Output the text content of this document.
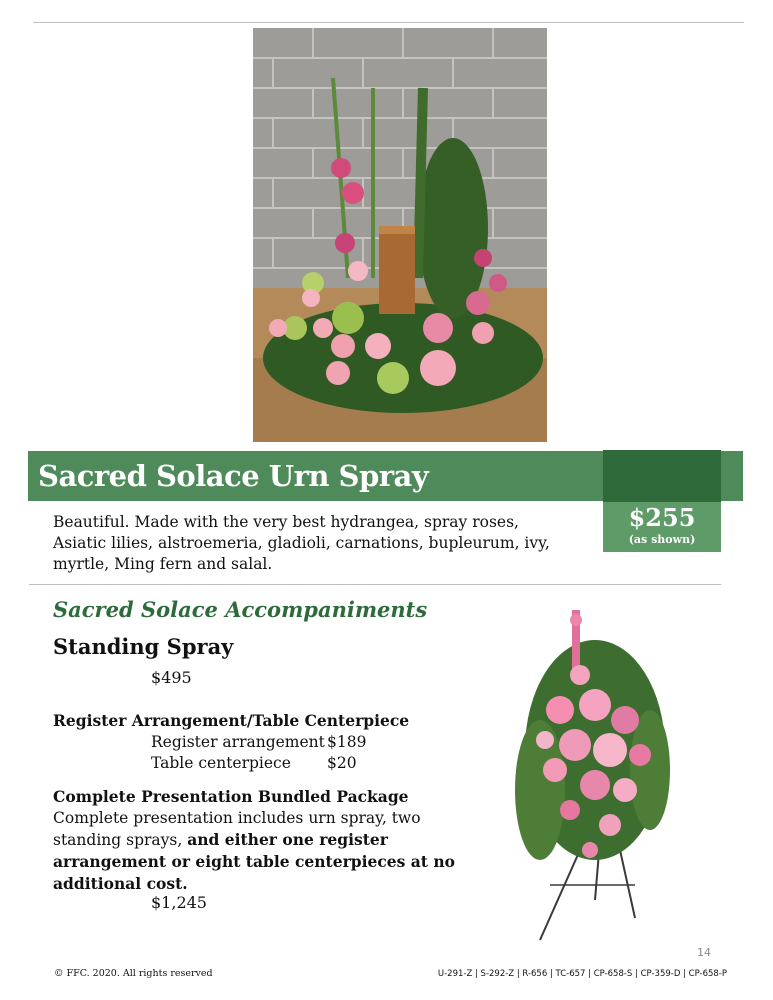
Sacred Solace Urn Spray
$255
(as shown)
Beautiful. Made with the very best hydrangea, spray roses, Asiatic lilies, alstroemeria, gladioli, carnations, bupleurum, ivy, myrtle, Ming fern and salal.
Sacred Solace Accompaniments
Standing Spray
$495
Register Arrangement/Table Centerpiece
Register arrangement $189
Table centerpiece $20
Complete Presentation Bundled Package
Complete presentation includes urn spray, two standing sprays, and either one register arrangement or eight table centerpieces at no additional cost.
$1,245
14
© FFC. 2020. All rights reserved	U-291-Z | S-292-Z | R-656 | TC-657 | CP-658-S | CP-359-D | CP-658-P
